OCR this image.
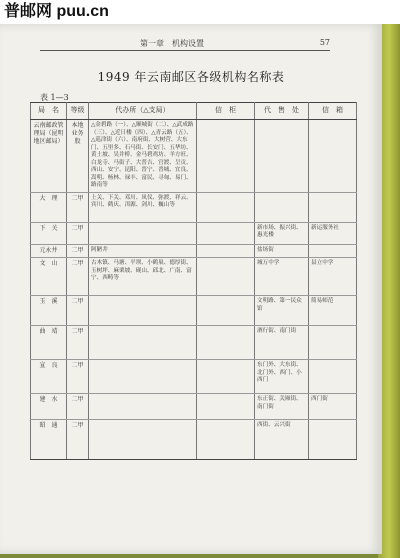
普邮网 puu.cn
第一章　机构设置	57
1949 年云南邮区各级机构名称表
表 1—3
局　名	等级	代办所（△支局）	信　柜	代　售　处	信　箱
云南邮政管理局（昆明地区邮局）	本地业务股	△金碧路（一）、△顺城街（二）、△武成路（三）、△近日楼（四）、△青云路（五）、△巡津街（六）、南府街、大树营、大东门、五里多、石马街、长安门、五华坊、黄土坡、吴井桥、金马碧鸡坊、羊方旺、白龙寺、马街子、大普吉、官渡、呈贡、西山、安宁、昆阳、晋宁、晋城、宜良、嵩明、杨林、禄丰、富民、寻甸、易门、路南等			
大　理	二甲	上关、下关、邓川、凤仪、弥渡、祥云、宾川、鹤庆、洱源、剑川、巍山等			
下　关	二甲			新市场、振兴街、惠光楼	新运服务社
元永井	二甲	阿陋井		盐场街	
文　山	二甲	古木镇、马塘、平坝、小鹤巢、德厚街、玉树坪、麻栗坡、砚山、邱北、广南、富宁、西畴等		城万中学	县立中学
玉　溪	二甲			文明路、第一民众馆	简易师范
曲　靖	二甲			酒行街、南门街	
宣　良	二甲			东门外、大东街、北门外、西门、小西门	
建　水	二甲			东正街、关厢街、南门街	西门街
昭　通	二甲			西街、云兴街	
